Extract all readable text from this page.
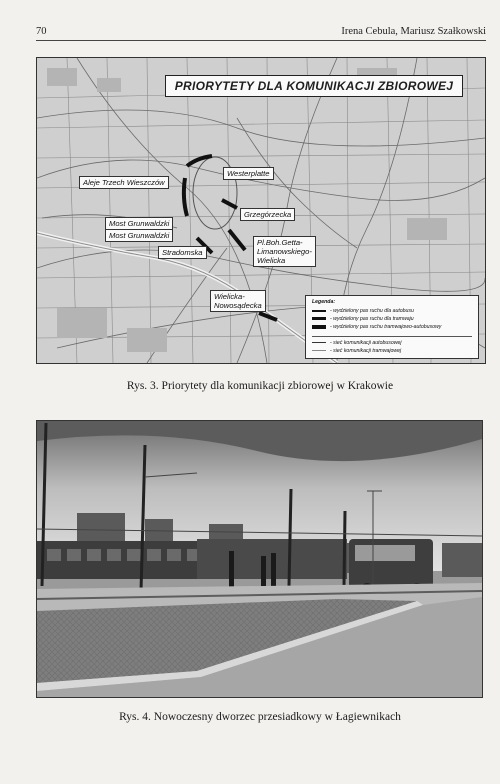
70	Irena Cebula, Mariusz Szałkowski
PRIORYTETY DLA KOMUNIKACJI ZBIOROWEJ
Aleje Trzech Wieszczów
Westerplatte
Grzegórzecka
Most Grunwaldzki
Most Grunwaldzki
Stradomska
Pl.Boh.Getta-
Limanowskiego-
Wielicka
Wielicka-
Nowosądecka	Legenda:
- wydzielony pas ruchu dla autobusu
- wydzielony pas ruchu dla tramwaju
- wydzielony pas ruchu tramwajowo-autobusowy
- sieć komunikacji autobusowej
- sieć komunikacji tramwajowej
Rys. 3. Priorytety dla komunikacji zbiorowej w Krakowie
Rys. 4. Nowoczesny dworzec przesiadkowy w Łagiewnikach
